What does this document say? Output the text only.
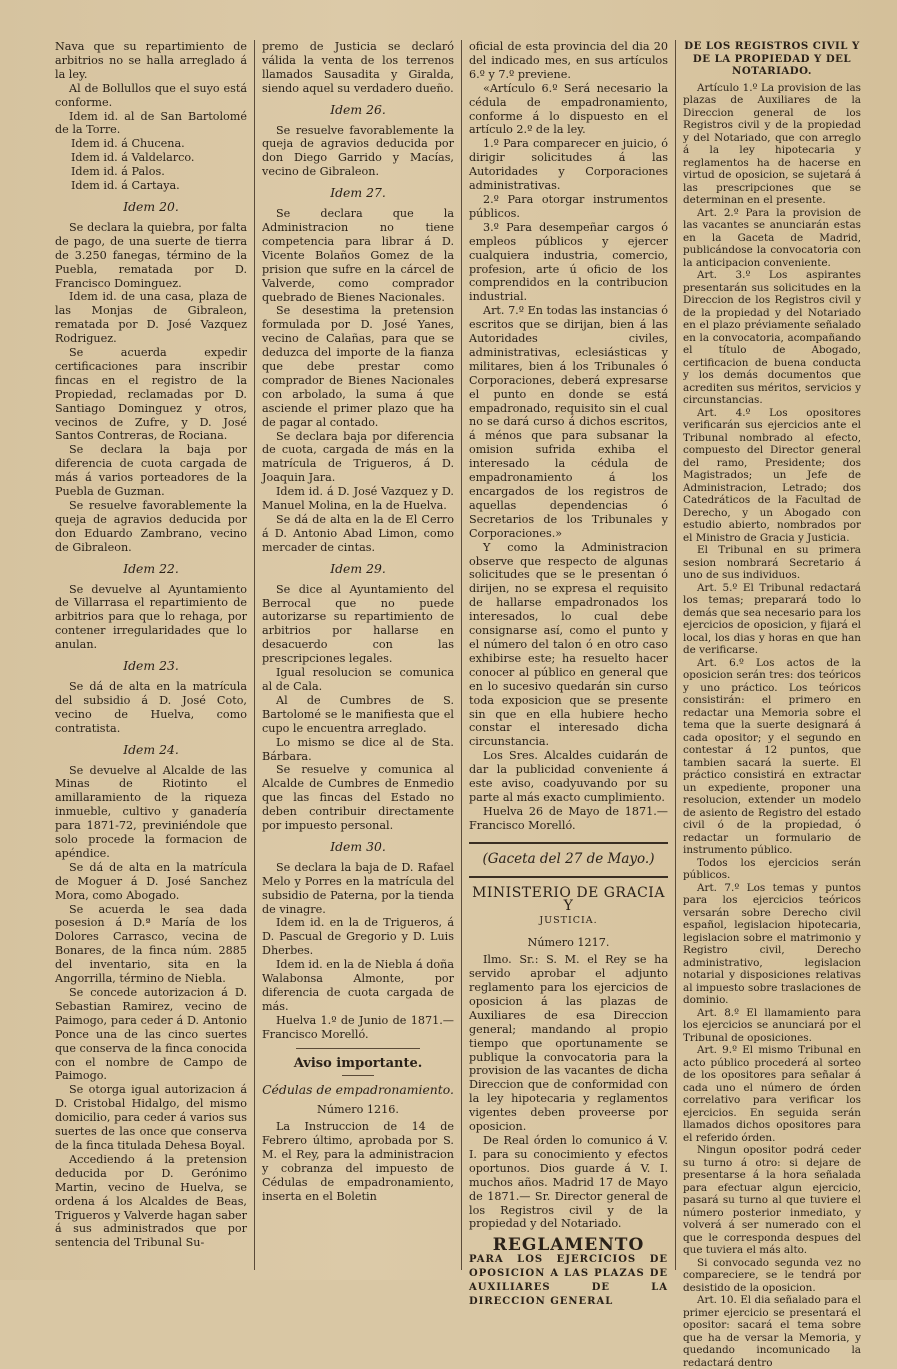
Nava que su repartimiento de arbitrios no se halla arreglado á la ley.

Al de Bollullos que el suyo está conforme.

Idem id. al de San Bartolomé de la Torre.

Idem id. á Chucena.

Idem id. á Valdelarco.

Idem id. á Palos.

Idem id. á Cartaya.

Idem 20.

Se declara la quiebra, por falta de pago, de una suerte de tierra de 3.250 fanegas, término de la Puebla, rematada por D. Francisco Dominguez.

Idem id. de una casa, plaza de las Monjas de Gibraleon, rematada por D. José Vazquez Rodriguez.

Se acuerda expedir certificaciones para inscribir fincas en el registro de la Propiedad, reclamadas por D. Santiago Dominguez y otros, vecinos de Zufre, y D. José Santos Contreras, de Rociana.

Se declara la baja por diferencia de cuota cargada de más á varios porteadores de la Puebla de Guzman.

Se resuelve favorablemente la queja de agravios deducida por don Eduardo Zambrano, vecino de Gibraleon.

Idem 22.

Se devuelve al Ayuntamiento de Villarrasa el repartimiento de arbitrios para que lo rehaga, por contener irregularidades que lo anulan.

Idem 23.

Se dá de alta en la matrícula del subsidio á D. José Coto, vecino de Huelva, como contratista.

Idem 24.

Se devuelve al Alcalde de las Minas de Riotinto el amillaramiento de la riqueza inmueble, cultivo y ganadería para 1871-72, previniéndole que solo procede la formacion de apéndice.

Se dá de alta en la matrícula de Moguer á D. José Sanchez Mora, como Abogado.

Se acuerda le sea dada posesion á D.ª María de los Dolores Carrasco, vecina de Bonares, de la finca núm. 2885 del inventario, sita en la Angorrilla, término de Niebla.

Se concede autorizacion á D. Sebastian Ramirez, vecino de Paimogo, para ceder á D. Antonio Ponce una de las cinco suertes que conserva de la finca conocida con el nombre de Campo de Paimogo.

Se otorga igual autorizacion á D. Cristobal Hidalgo, del mismo domicilio, para ceder á varios sus suertes de las once que conserva de la finca titulada Dehesa Boyal.

Accediendo á la pretension deducida por D. Gerónimo Martin, vecino de Huelva, se ordena á los Alcaldes de Beas, Trigueros y Valverde hagan saber á sus administrados que por sentencia del Tribunal Su-

premo de Justicia se declaró válida la venta de los terrenos llamados Sausadita y Giralda, siendo aquel su verdadero dueño.

Idem 26.

Se resuelve favorablemente la queja de agravios deducida por don Diego Garrido y Macías, vecino de Gibraleon.

Idem 27.

Se declara que la Administracion no tiene competencia para librar á D. Vicente Bolaños Gomez de la prision que sufre en la cárcel de Valverde, como comprador quebrado de Bienes Nacionales.

Se desestima la pretension formulada por D. José Yanes, vecino de Calañas, para que se deduzca del importe de la fianza que debe prestar como comprador de Bienes Nacionales con arbolado, la suma á que asciende el primer plazo que ha de pagar al contado.

Se declara baja por diferencia de cuota, cargada de más en la matrícula de Trigueros, á D. Joaquin Jara.

Idem id. á D. José Vazquez y D. Manuel Molina, en la de Huelva.

Se dá de alta en la de El Cerro á D. Antonio Abad Limon, como mercader de cintas.

Idem 29.

Se dice al Ayuntamiento del Berrocal que no puede autorizarse su repartimiento de arbitrios por hallarse en desacuerdo con las prescripciones legales.

Igual resolucion se comunica al de Cala.

Al de Cumbres de S. Bartolomé se le manifiesta que el cupo le encuentra arreglado.

Lo mismo se dice al de Sta. Bárbara.

Se resuelve y comunica al Alcalde de Cumbres de Enmedio que las fincas del Estado no deben contribuir directamente por impuesto personal.

Idem 30.

Se declara la baja de D. Rafael Melo y Porres en la matrícula del subsidio de Paterna, por la tienda de vinagre.

Idem id. en la de Trigueros, á D. Pascual de Gregorio y D. Luis Dherbes.

Idem id. en la de Niebla á doña Walabonsa Almonte, por diferencia de cuota cargada de más.

Huelva 1.º de Junio de 1871.— Francisco Morelló.

Aviso importante.

Cédulas de empadronamiento.

Número 1216.

La Instruccion de 14 de Febrero último, aprobada por S. M. el Rey, para la administracion y cobranza del impuesto de Cédulas de empadronamiento, inserta en el Boletin

oficial de esta provincia del dia 20 del indicado mes, en sus artículos 6.º y 7.º previene.

«Artículo 6.º Será necesario la cédula de empadronamiento, conforme á lo dispuesto en el artículo 2.º de la ley.

1.º Para comparecer en juicio, ó dirigir solicitudes á las Autoridades y Corporaciones administrativas.

2.º Para otorgar instrumentos públicos.

3.º Para desempeñar cargos ó empleos públicos y ejercer cualquiera industria, comercio, profesion, arte ú oficio de los comprendidos en la contribucion industrial.

Art. 7.º En todas las instancias ó escritos que se dirijan, bien á las Autoridades civiles, administrativas, eclesiásticas y militares, bien á los Tribunales ó Corporaciones, deberá expresarse el punto en donde se está empadronado, requisito sin el cual no se dará curso á dichos escritos, á ménos que para subsanar la omision sufrida exhiba el interesado la cédula de empadronamiento á los encargados de los registros de aquellas dependencias ó Secretarios de los Tribunales y Corporaciones.»

Y como la Administracion observe que respecto de algunas solicitudes que se le presentan ó dirijen, no se expresa el requisito de hallarse empadronados los interesados, lo cual debe consignarse así, como el punto y el número del talon ó en otro caso exhibirse este; ha resuelto hacer conocer al público en general que en lo sucesivo quedarán sin curso toda exposicion que se presente sin que en ella hubiere hecho constar el interesado dicha circunstancia.

Los Sres. Alcaldes cuidarán de dar la publicidad conveniente á este aviso, coadyuvando por su parte al más exacto cumplimiento.

Huelva 26 de Mayo de 1871.— Francisco Morelló.

(Gaceta del 27 de Mayo.)

MINISTERIO DE GRACIA Y

JUSTICIA.

Número 1217.

Ilmo. Sr.: S. M. el Rey se ha servido aprobar el adjunto reglamento para los ejercicios de oposicion á las plazas de Auxiliares de esa Direccion general; mandando al propio tiempo que oportunamente se publique la convocatoria para la provision de las vacantes de dicha Direccion que de conformidad con la ley hipotecaria y reglamentos vigentes deben proveerse por oposicion.

De Real órden lo comunico á V. I. para su conocimiento y efectos oportunos. Dios guarde á V. I. muchos años. Madrid 17 de Mayo de 1871.— Sr. Director general de los Registros civil y de la propiedad y del Notariado.

REGLAMENTO

PARA LOS EJERCICIOS DE OPOSICION A LAS PLAZAS DE AUXILIARES DE LA DIRECCION GENERAL

DE LOS REGISTROS CIVIL Y DE LA PROPIEDAD Y DEL NOTARIADO.

Artículo 1.º La provision de las plazas de Auxiliares de la Direccion general de los Registros civil y de la propiedad y del Notariado, que con arreglo á la ley hipotecaria y reglamentos ha de hacerse en virtud de oposicion, se sujetará á las prescripciones que se determinan en el presente.

Art. 2.º Para la provision de las vacantes se anunciarán estas en la Gaceta de Madrid, publicándose la convocatoria con la anticipacion conveniente.

Art. 3.º Los aspirantes presentarán sus solicitudes en la Direccion de los Registros civil y de la propiedad y del Notariado en el plazo préviamente señalado en la convocatoria, acompañando el título de Abogado, certificacion de buena conducta y los demás documentos que acrediten sus méritos, servicios y circunstancias.

Art. 4.º Los opositores verificarán sus ejercicios ante el Tribunal nombrado al efecto, compuesto del Director general del ramo, Presidente; dos Magistrados; un Jefe de Administracion, Letrado; dos Catedráticos de la Facultad de Derecho, y un Abogado con estudio abierto, nombrados por el Ministro de Gracia y Justicia.

El Tribunal en su primera sesion nombrará Secretario á uno de sus individuos.

Art. 5.º El Tribunal redactará los temas; preparará todo lo demás que sea necesario para los ejercicios de oposicion, y fijará el local, los dias y horas en que han de verificarse.

Art. 6.º Los actos de la oposicion serán tres: dos teóricos y uno práctico. Los teóricos consistirán: el primero en redactar una Memoria sobre el tema que la suerte designará á cada opositor; y el segundo en contestar á 12 puntos, que tambien sacará la suerte. El práctico consistirá en extractar un expediente, proponer una resolucion, extender un modelo de asiento de Registro del estado civil ó de la propiedad, ó redactar un formulario de instrumento público.

Todos los ejercicios serán públicos.

Art. 7.º Los temas y puntos para los ejercicios teóricos versarán sobre Derecho civil español, legislacion hipotecaria, legislacion sobre el matrimonio y Registro civil, Derecho administrativo, legislacion notarial y disposiciones relativas al impuesto sobre traslaciones de dominio.

Art. 8.º El llamamiento para los ejercicios se anunciará por el Tribunal de oposiciones.

Art. 9.º El mismo Tribunal en acto público procederá al sorteo de los opositores para señalar á cada uno el número de órden correlativo para verificar los ejercicios. En seguida serán llamados dichos opositores para el referido órden.

Ningun opositor podrá ceder su turno á otro: si dejare de presentarse á la hora señalada para efectuar algun ejercicio, pasará su turno al que tuviere el número posterior inmediato, y volverá á ser numerado con el que le corresponda despues del que tuviera el más alto.

Si convocado segunda vez no compareciere, se le tendrá por desistido de la oposicion.

Art. 10. El dia señalado para el primer ejercicio se presentará el opositor: sacará el tema sobre que ha de versar la Memoria, y quedando incomunicado la redactará dentro
